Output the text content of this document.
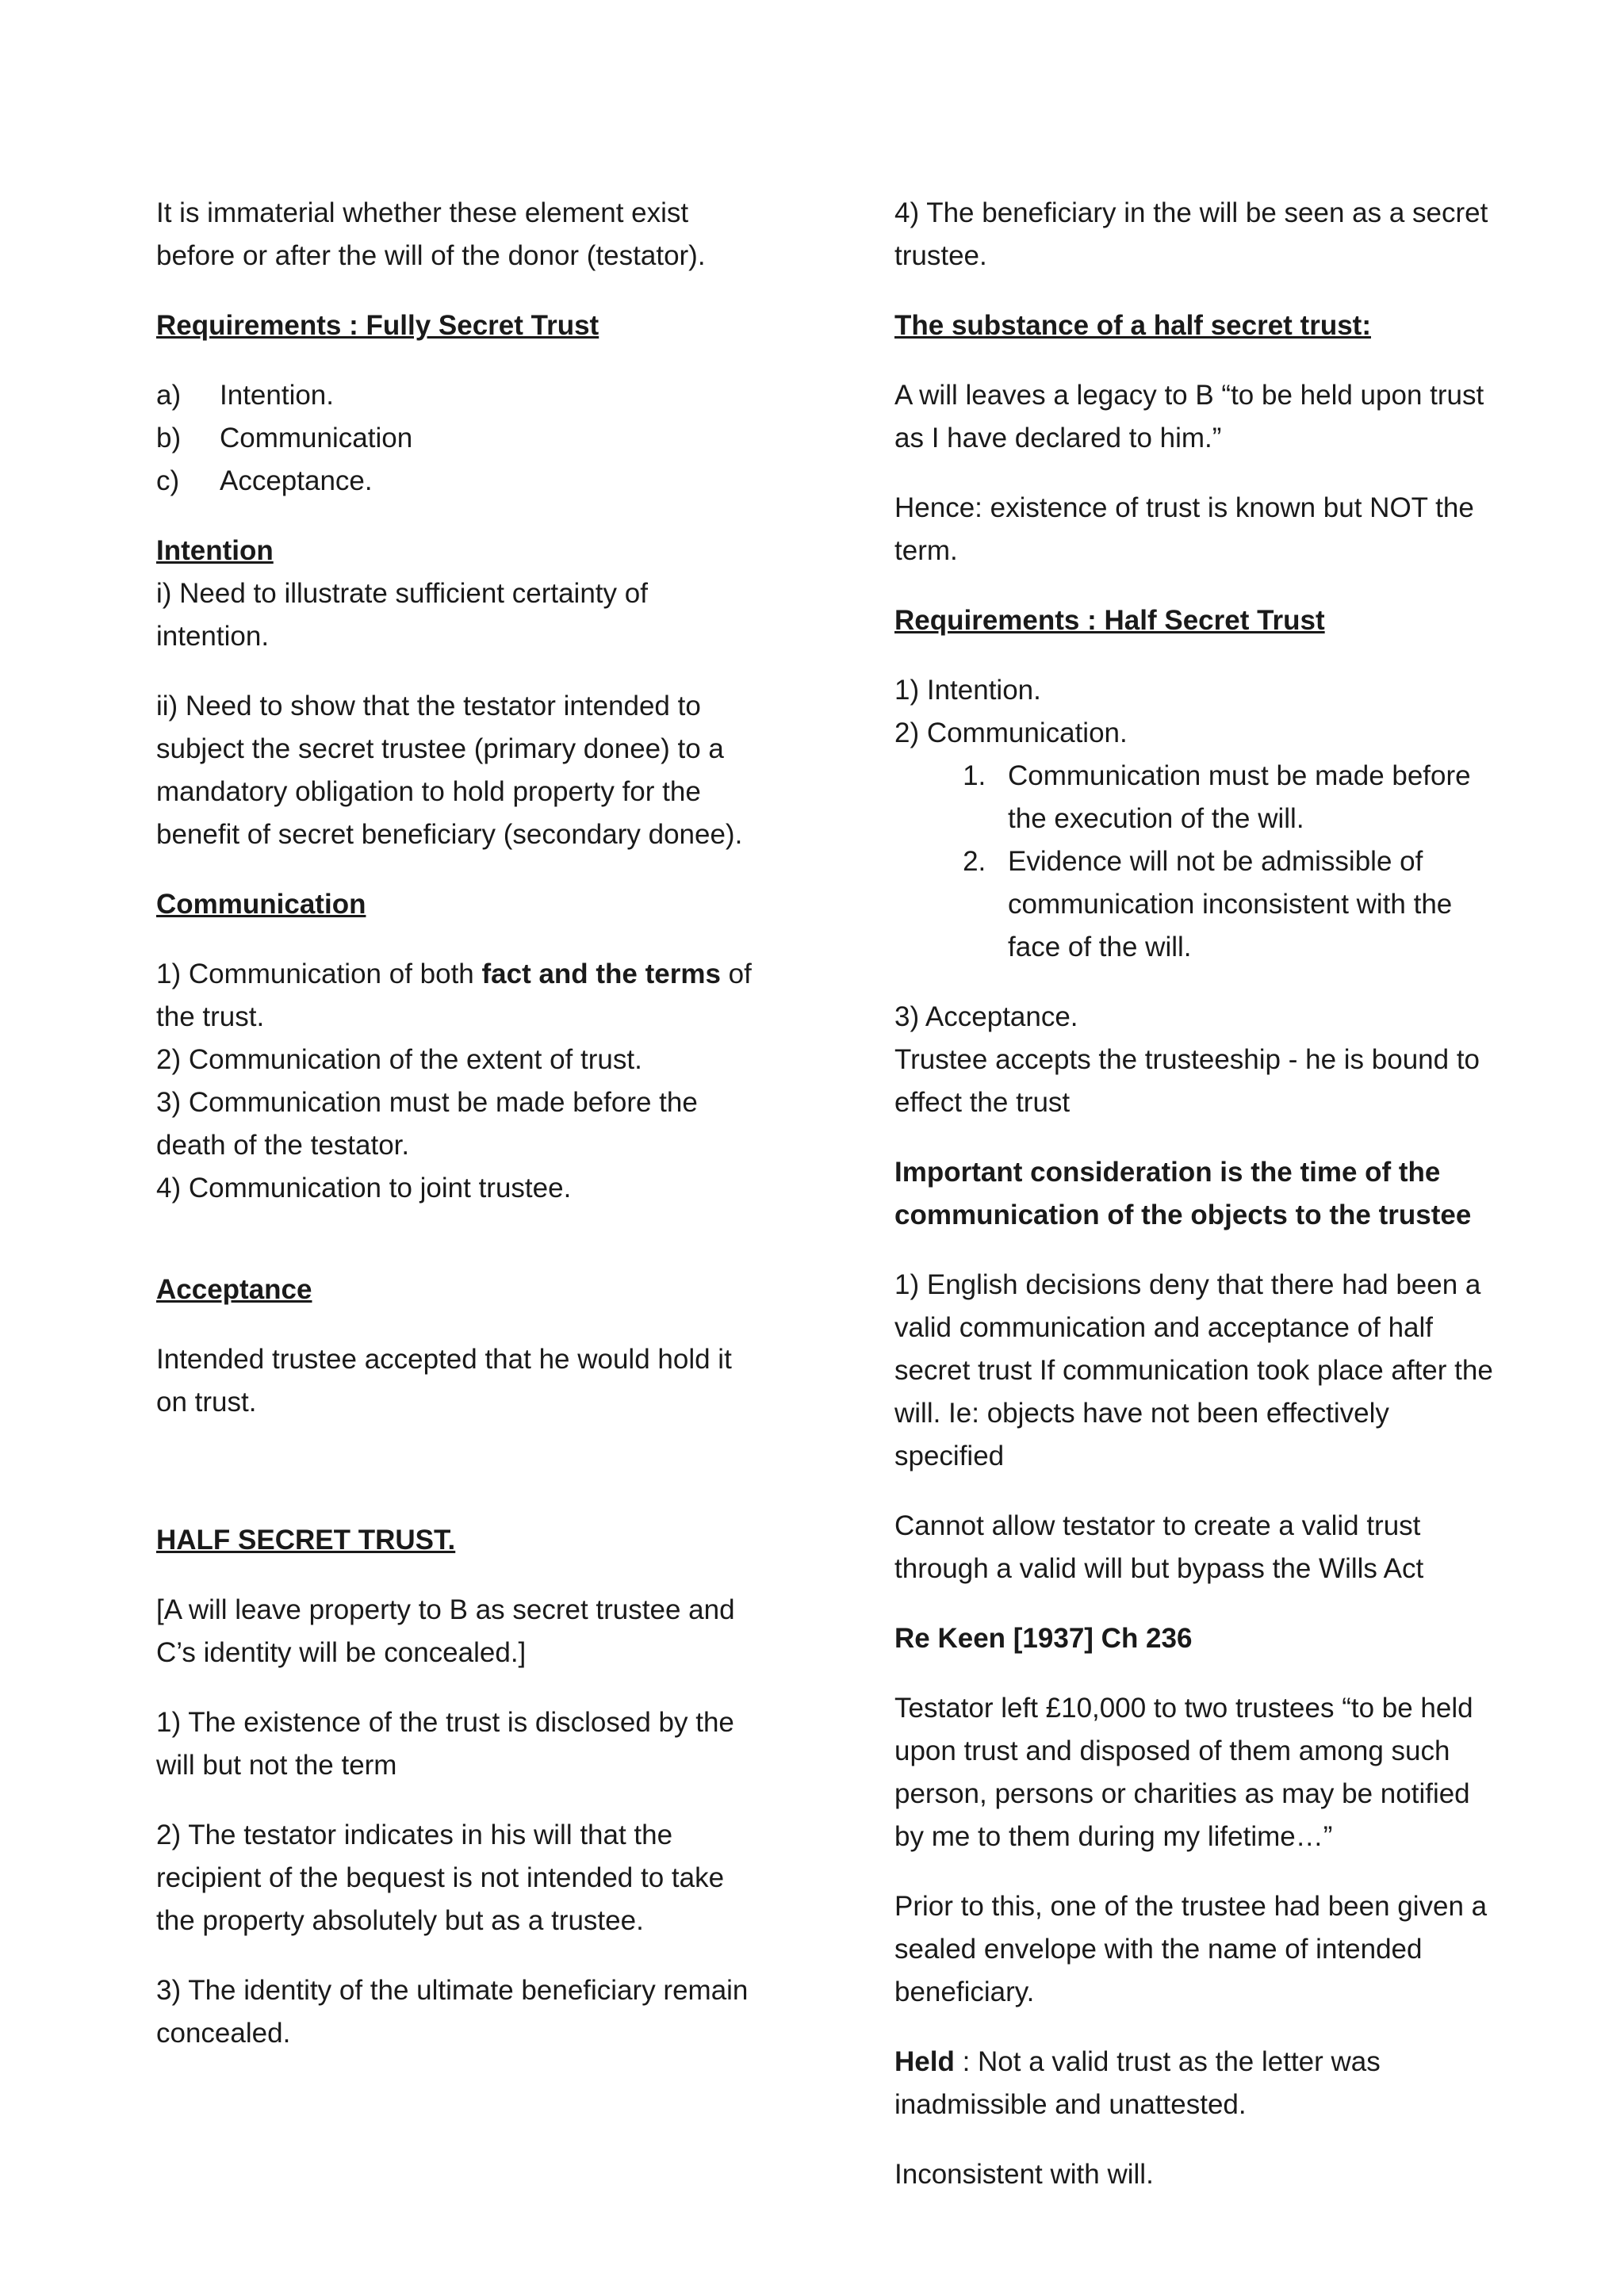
It is immaterial whether these element exist before or after the will of the donor (testator).

Requirements : Fully Secret Trust

a)	Intention.
b)	Communication
c)	Acceptance.

Intention

i) Need to illustrate sufficient certainty of intention.

ii) Need to show that the testator intended to subject the secret trustee (primary donee) to a mandatory obligation to hold property for the benefit of secret beneficiary (secondary donee).

Communication

1) Communication of both fact and the terms of the trust.
2) Communication of the extent of trust.
3) Communication must be made before the death of the testator.
4) Communication to joint trustee.

Acceptance

Intended trustee accepted that he would hold it on trust.

HALF SECRET TRUST.

[A will leave property to B as secret trustee and C’s identity will be concealed.]

1) The existence of the trust is disclosed by the will but not the term

2) The testator indicates in his will that the recipient of the bequest is not intended to take the property absolutely but as a trustee.

3) The identity of the ultimate beneficiary remain concealed.

4) The beneficiary in the will be seen as a secret trustee.

The substance of a half secret trust:

A will leaves a legacy to B “to be held upon trust as I have declared to him.”

Hence: existence of trust is known but NOT the term.

Requirements : Half Secret Trust

1) Intention.
2) Communication.
1. Communication must be made before the execution of the will.
2. Evidence will not be admissible of communication inconsistent with the face of the will.
3) Acceptance.

Trustee accepts the trusteeship - he is bound to effect the trust

Important consideration is the time of the communication of the objects to the trustee

1) English decisions deny that there had been a valid communication and acceptance of half secret trust If communication took place after the will. Ie: objects have not been effectively specified

Cannot allow testator to create a valid trust through a valid will but bypass the Wills Act

Re Keen [1937] Ch 236

Testator left £10,000 to two trustees “to be held upon trust and disposed of them among such person, persons or charities as may be notified by me to them during my lifetime…”

Prior to this, one of the trustee had been given a sealed envelope with the name of intended beneficiary.

Held : Not a valid trust as the letter was inadmissible and unattested.

Inconsistent with will.
